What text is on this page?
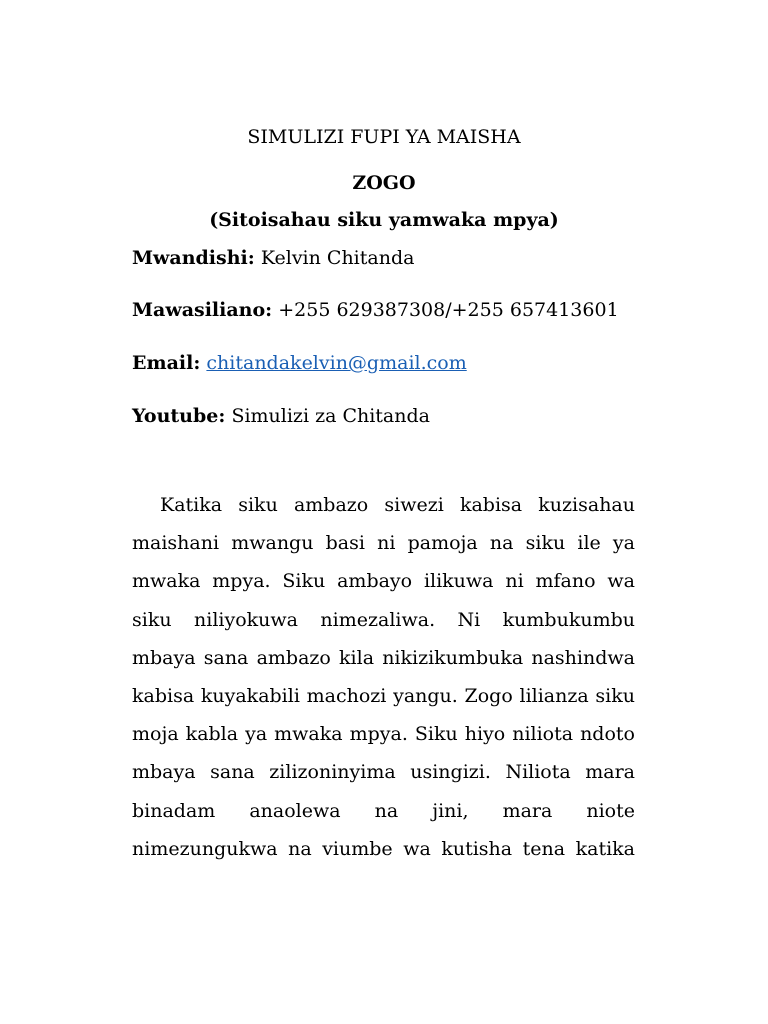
SIMULIZI FUPI YA MAISHA

ZOGO

(Sitoisahau siku yamwaka mpya)

Mwandishi: Kelvin Chitanda

Mawasiliano: +255 629387308/+255 657413601

Email: chitandakelvin@gmail.com

Youtube: Simulizi za Chitanda

Katika siku ambazo siwezi kabisa kuzisahau
maishani mwangu basi ni pamoja na siku ile ya
mwaka mpya. Siku ambayo ilikuwa ni mfano wa
siku niliyokuwa nimezaliwa. Ni kumbukumbu
mbaya sana ambazo kila nikizikumbuka nashindwa
kabisa kuyakabili machozi yangu. Zogo lilianza siku
moja kabla ya mwaka mpya. Siku hiyo niliota ndoto
mbaya sana zilizoninyima usingizi. Niliota mara
binadam anaolewa na jini, mara niote
nimezungukwa na viumbe wa kutisha tena katika
